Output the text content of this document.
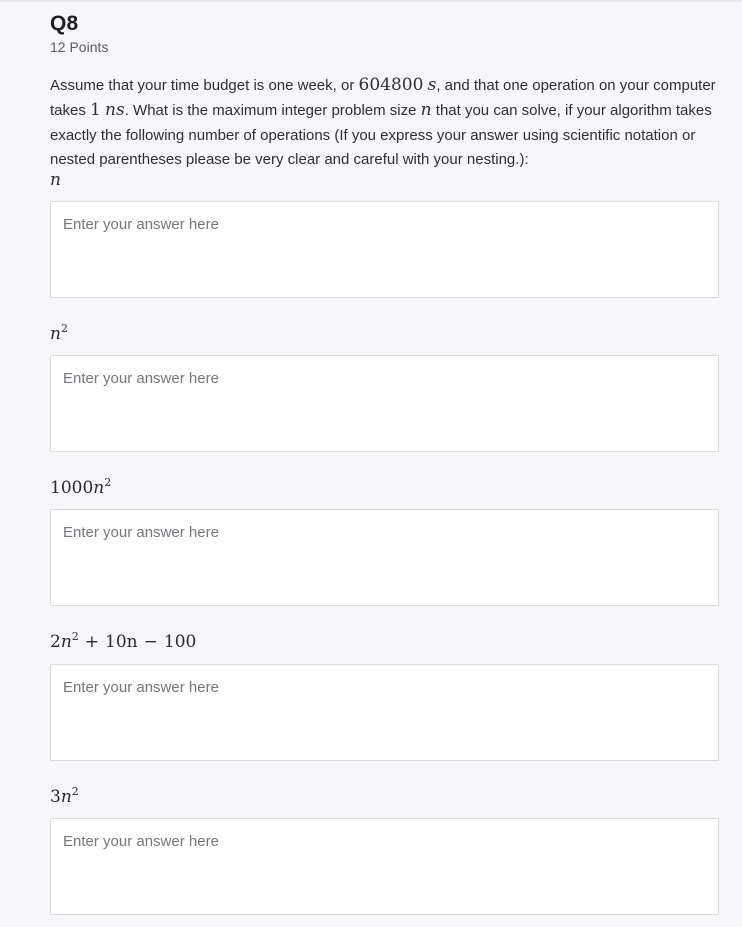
Q8
12 Points
Assume that your time budget is one week, or 604800 s, and that one operation on your computer takes 1 ns. What is the maximum integer problem size n that you can solve, if your algorithm takes exactly the following number of operations (If you express your answer using scientific notation or nested parentheses please be very clear and careful with your nesting.):
n
Enter your answer here
$n^2$
Enter your answer here
$1000n^2$
Enter your answer here
$2n^2 + 10n - 100$
Enter your answer here
$3n^2$
Enter your answer here
